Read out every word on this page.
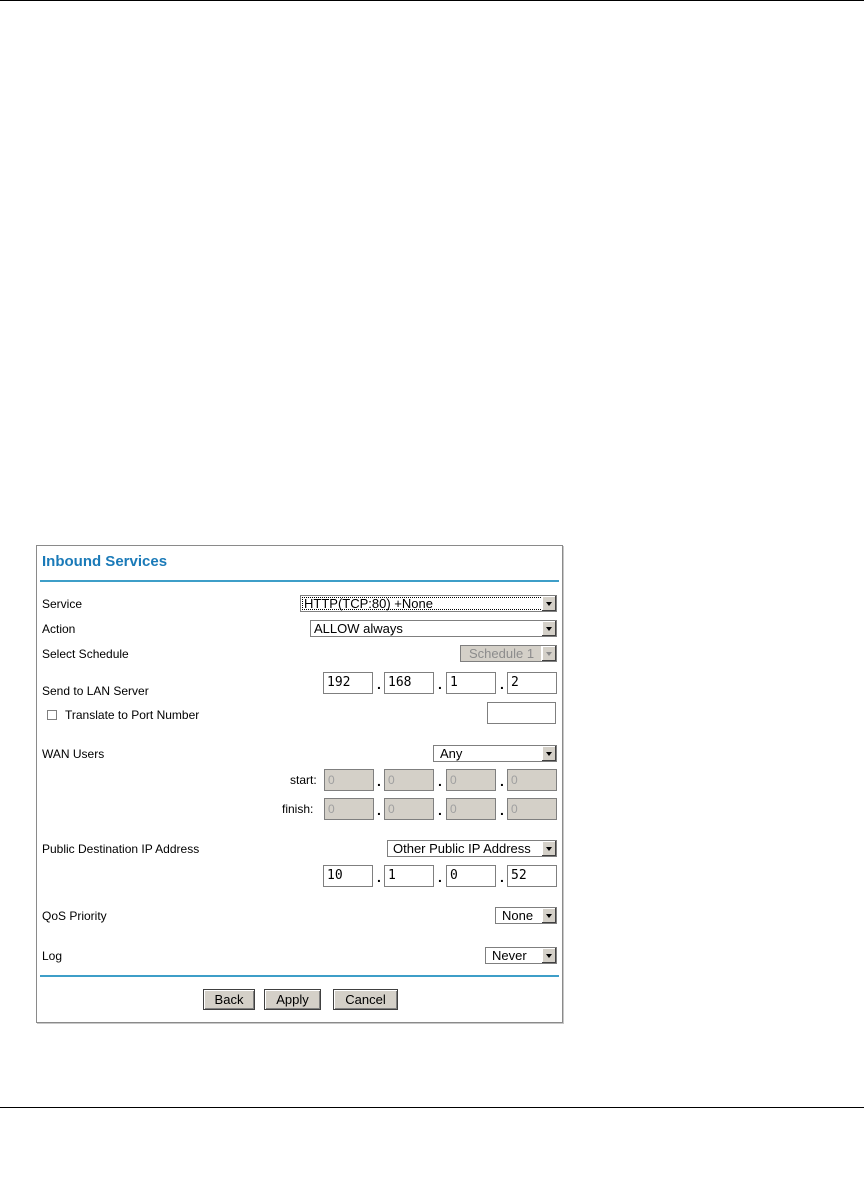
Inbound Services
Service	HTTP(TCP:80) +None
Action	ALLOW always
Select Schedule	Schedule 1
Send to LAN Server
192	. 168	. 1	. 2
Translate to Port Number
WAN Users	Any
start: 0	. 0	. 0	. 0
finish:	0	. 0	. 0	. 0
Public Destination IP Address	Other Public IP Address
10	. 1	. 0	. 52
QoS Priority	None
Log	Never
Back	Apply	Cancel
